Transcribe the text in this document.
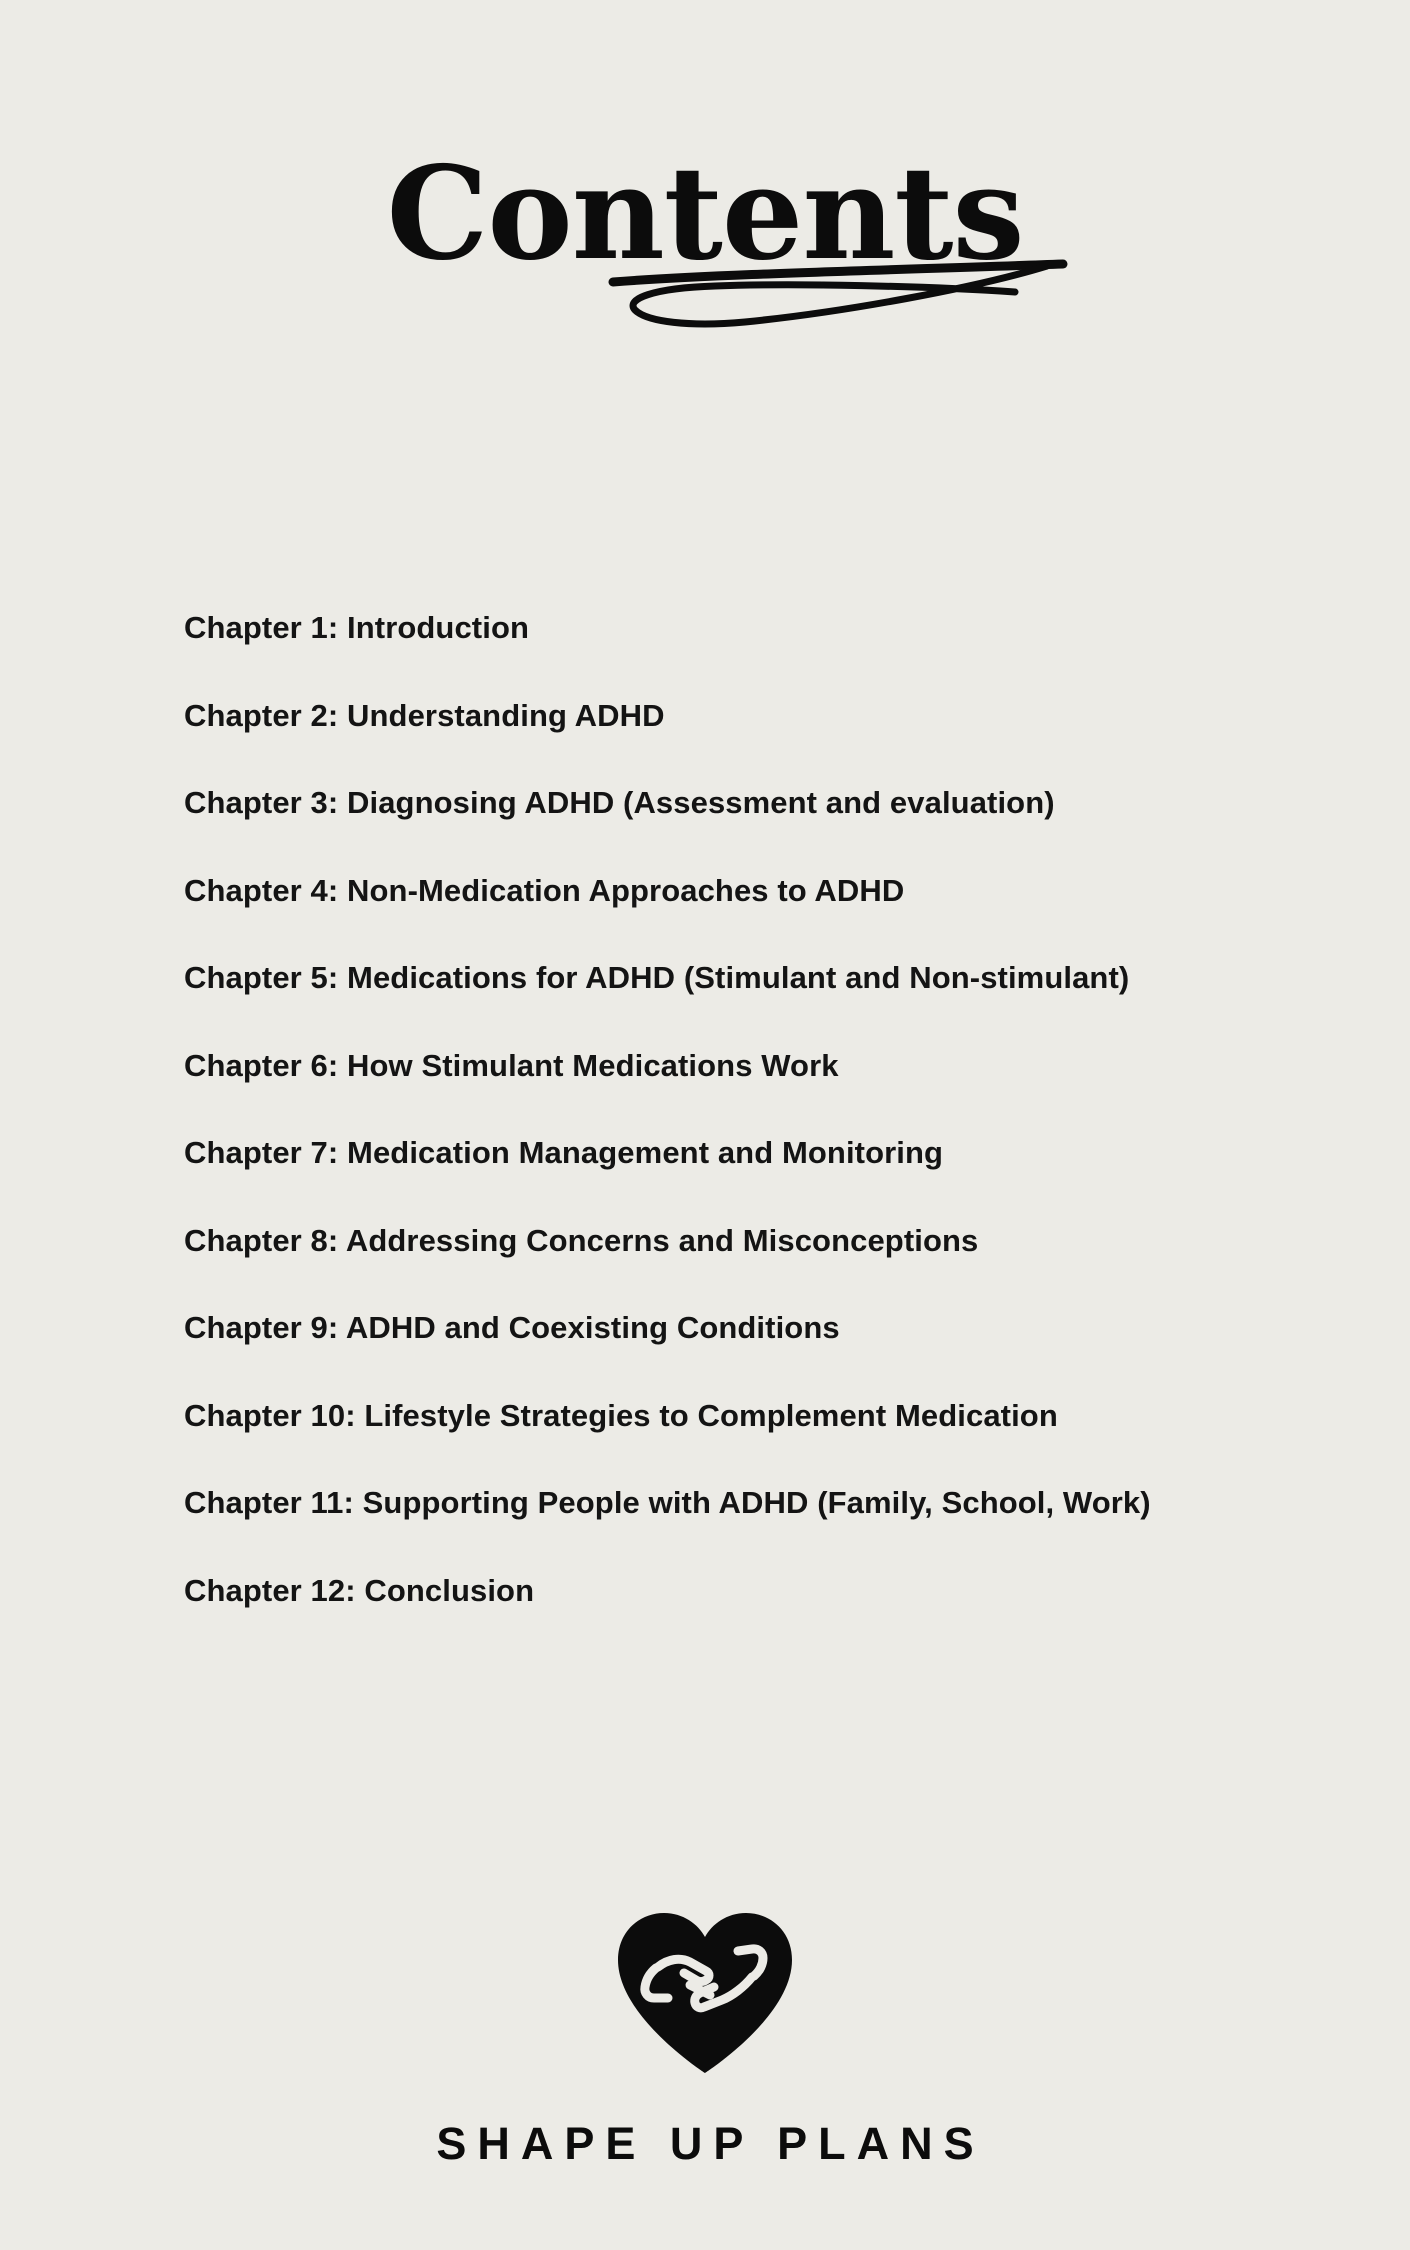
Contents
Chapter 1: Introduction
Chapter 2: Understanding ADHD
Chapter 3: Diagnosing ADHD (Assessment and evaluation)
Chapter 4: Non-Medication Approaches to ADHD
Chapter 5: Medications for ADHD (Stimulant and Non-stimulant)
Chapter 6: How Stimulant Medications Work
Chapter 7: Medication Management and Monitoring
Chapter 8: Addressing Concerns and Misconceptions
Chapter 9: ADHD and Coexisting Conditions
Chapter 10: Lifestyle Strategies to Complement Medication
Chapter 11: Supporting People with ADHD (Family, School, Work)
Chapter 12: Conclusion
SHAPE UP PLANS
